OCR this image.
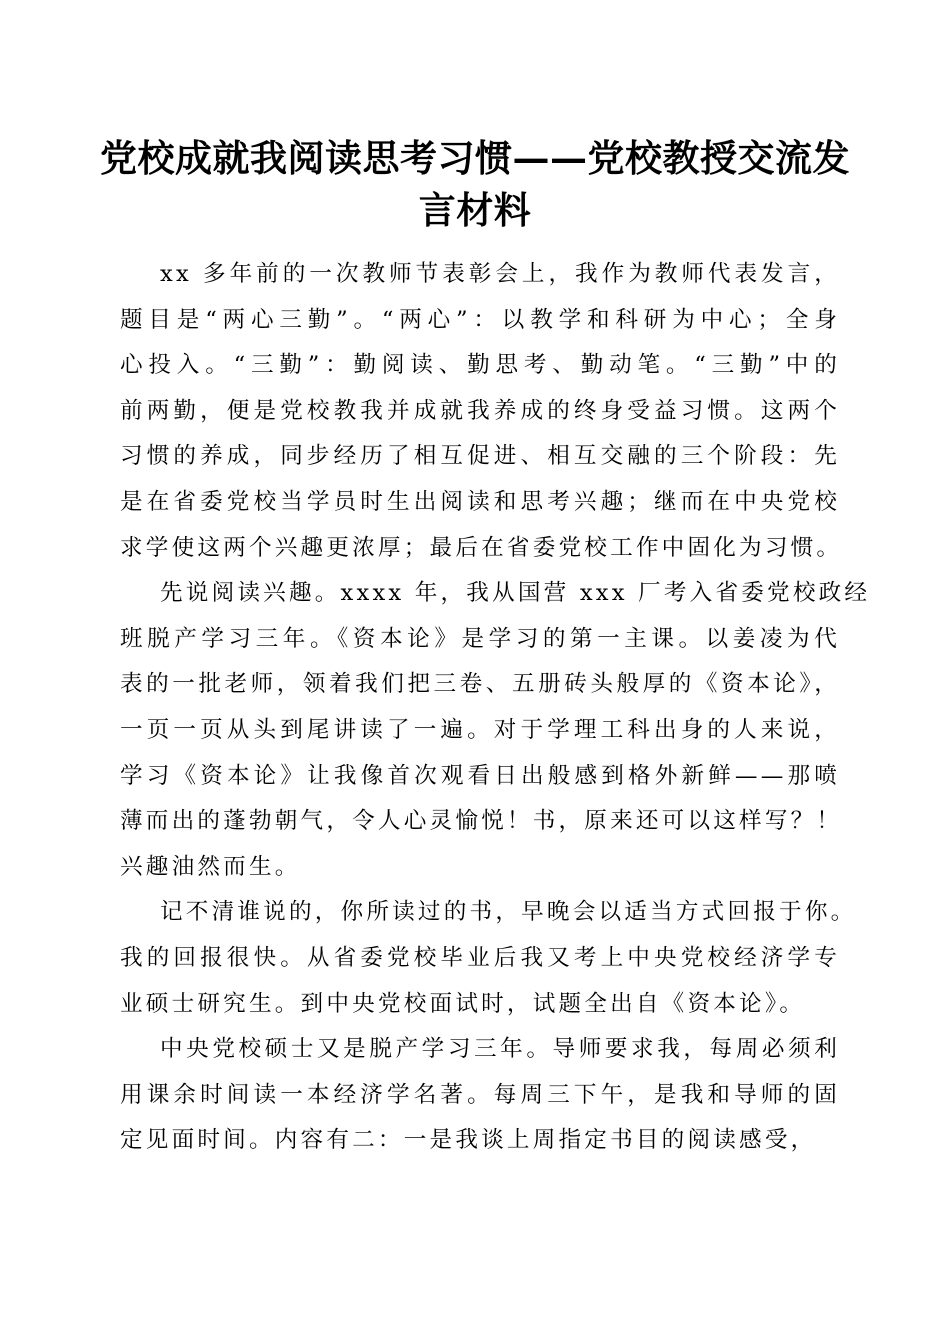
党校成就我阅读思考习惯——党校教授交流发言材料
xx 多年前的一次教师节表彰会上，我作为教师代表发言，
题目是“两心三勤”。“两心”：以教学和科研为中心；全身
心投入。“三勤”：勤阅读、勤思考、勤动笔。“三勤”中的
前两勤，便是党校教我并成就我养成的终身受益习惯。这两个
习惯的养成，同步经历了相互促进、相互交融的三个阶段：先
是在省委党校当学员时生出阅读和思考兴趣；继而在中央党校
求学使这两个兴趣更浓厚；最后在省委党校工作中固化为习惯。
先说阅读兴趣。xxxx 年，我从国营 xxx 厂考入省委党校政经
班脱产学习三年。《资本论》是学习的第一主课。以姜凌为代
表的一批老师，领着我们把三卷、五册砖头般厚的《资本论》，
一页一页从头到尾讲读了一遍。对于学理工科出身的人来说，
学习《资本论》让我像首次观看日出般感到格外新鲜——那喷
薄而出的蓬勃朝气，令人心灵愉悦！书，原来还可以这样写？！
兴趣油然而生。
记不清谁说的，你所读过的书，早晚会以适当方式回报于你。
我的回报很快。从省委党校毕业后我又考上中央党校经济学专
业硕士研究生。到中央党校面试时，试题全出自《资本论》。
中央党校硕士又是脱产学习三年。导师要求我，每周必须利
用课余时间读一本经济学名著。每周三下午，是我和导师的固
定见面时间。内容有二：一是我谈上周指定书目的阅读感受，
